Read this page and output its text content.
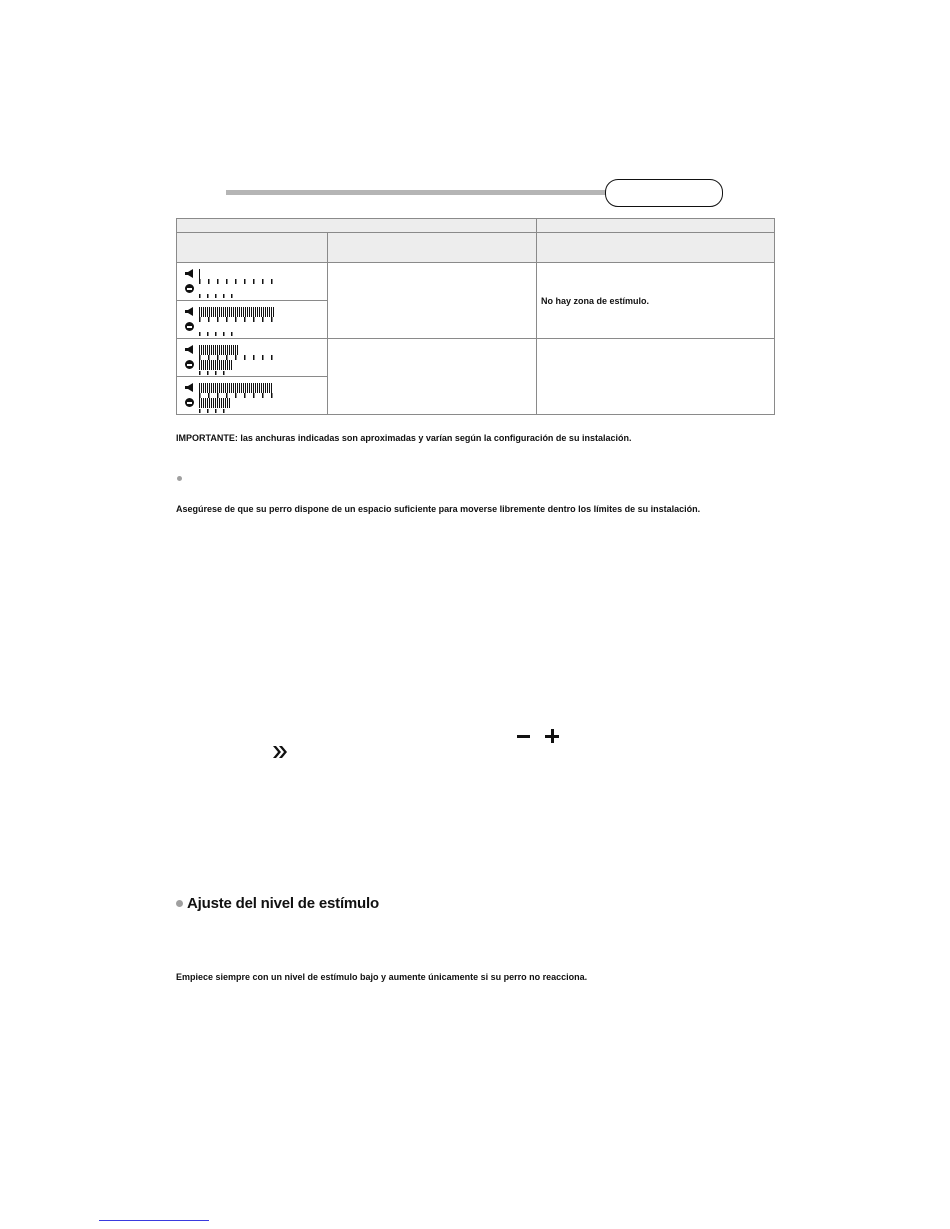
		No hay zona de estímulo.

IMPORTANTE: las anchuras indicadas son aproximadas y varían según la configuración de su instalación.
Asegúrese de que su perro dispone de un espacio suficiente para moverse libremente dentro los límites de su instalación.
Ajuste del nivel de estímulo
Empiece siempre con un nivel de estímulo bajo y aumente únicamente si su perro no reacciona.
